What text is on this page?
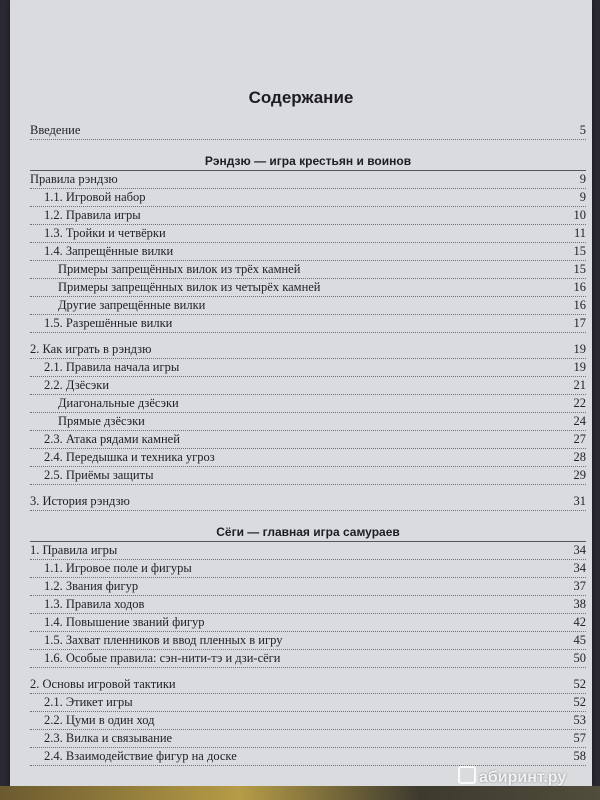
Содержание
Введение	5
Рэндзю — игра крестьян и воинов
Правила рэндзю	9
1.1. Игровой набор	9
1.2. Правила игры	10
1.3. Тройки и четвёрки	11
1.4. Запрещённые вилки	15
Примеры запрещённых вилок из трёх камней	15
Примеры запрещённых вилок из четырёх камней	16
Другие запрещённые вилки	16
1.5. Разрешённые вилки	17
2. Как играть в рэндзю	19
2.1. Правила начала игры	19
2.2. Дзёсэки	21
Диагональные дзёсэки	22
Прямые дзёсэки	24
2.3. Атака рядами камней	27
2.4. Передышка и техника угроз	28
2.5. Приёмы защиты	29
3. История рэндзю	31
Сёги — главная игра самураев
1. Правила игры	34
1.1. Игровое поле и фигуры	34
1.2. Звания фигур	37
1.3. Правила ходов	38
1.4. Повышение званий фигур	42
1.5. Захват пленников и ввод пленных в игру	45
1.6. Особые правила: сэн-нити-тэ и дзи-сёги	50
2. Основы игровой тактики	52
2.1. Этикет игры	52
2.2. Цуми в один ход	53
2.3. Вилка и связывание	57
2.4. Взаимодействие фигур на доске	58
абиринт.ру
